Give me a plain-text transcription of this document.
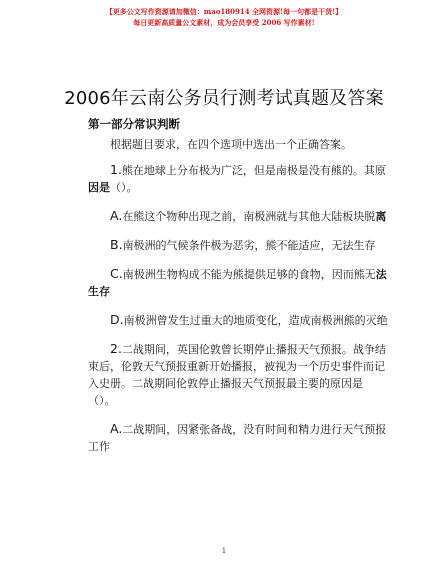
【更多公文写作资源请加微信：mao180914 全网资源!每一句都是干货!】
每日更新高质量公文素材，成为会员享受 2006 写作素材!
2006年云南公务员行测考试真题及答案
第一部分常识判断

根据题目要求，在四个选项中选出一个正确答案。

1.熊在地球上分布极为广泛，但是南极是没有熊的。其原因是（）。

A.在熊这个物种出现之前，南极洲就与其他大陆板块脱离

B.南极洲的气候条件极为恶劣，熊不能适应，无法生存

C.南极洲生物构成不能为熊提供足够的食物，因而熊无法生存

D.南极洲曾发生过重大的地质变化，造成南极洲熊的灭绝

2.二战期间，英国伦敦曾长期停止播报天气预报。战争结束后，伦敦天气预报重新开始播报，被视为一个历史事件而记入史册。二战期间伦敦停止播报天气预报最主要的原因是（）。

A.二战期间，因紧张备战，没有时间和精力进行天气预报工作

1
